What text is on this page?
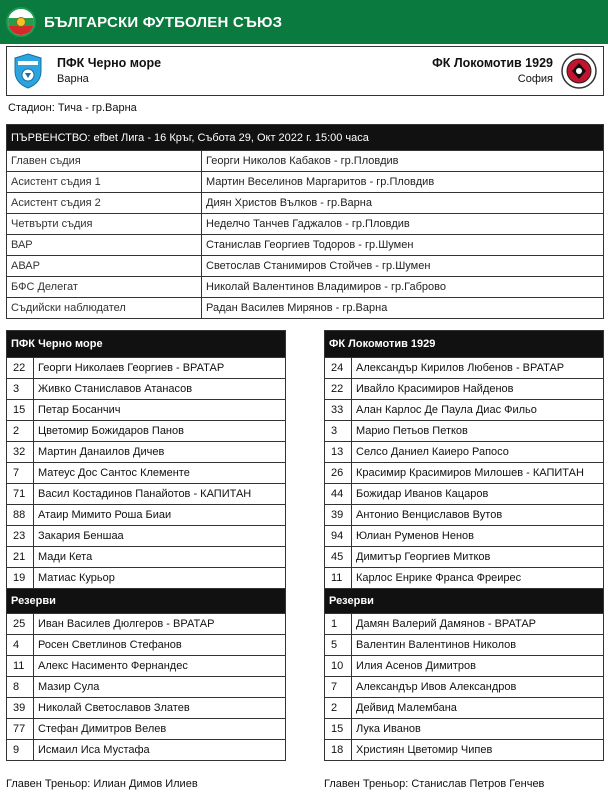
БЪЛГАРСКИ ФУТБОЛЕН СЪЮЗ
ПФК Черно море
Варна
ФК Локомотив 1929
София
Стадион: Тича - гр.Варна
ПЪРВЕНСТВО: efbet Лига - 16 Кръг, Събота 29, Окт 2022 г. 15:00 часа	
Главен съдия	Георги Николов Кабаков - гр.Пловдив
Асистент съдия 1	Мартин Веселинов Маргаритов - гр.Пловдив
Асистент съдия 2	Диян Христов Вълков - гр.Варна
Четвърти съдия	Неделчо Танчев Гаджалов - гр.Пловдив
ВАР	Станислав Георгиев Тодоров - гр.Шумен
АВАР	Светослав Станимиров Стойчев - гр.Шумен
БФС Делегат	Николай Валентинов Владимиров - гр.Габрово
Съдийски наблюдател	Радан Василев Мирянов - гр.Варна
ПФК Черно море	
22	Георги Николаев Георгиев - ВРАТАР
3	Живко Станиславов Атанасов
15	Петар Босанчич
2	Цветомир Божидаров Панов
32	Мартин Данаилов Дичев
7	Матеус Дос Сантос Клементе
71	Васил Костадинов Панайотов - КАПИТАН
88	Атаир Мимито Роша Биаи
23	Закария Беншаа
21	Мади Кета
19	Матиас Курьор
Резерви	
25	Иван Василев Дюлгеров - ВРАТАР
4	Росен Светлинов Стефанов
11	Алекс Насименто Фернандес
8	Мазир Сула
39	Николай Светославов Златев
77	Стефан Димитров Велев
9	Исмаил Иса Мустафа
ФК Локомотив 1929	
24	Александър Кирилов Любенов - ВРАТАР
22	Ивайло Красимиров Найденов
33	Алан Карлос Де Паула Диас Фильо
3	Марио Петьов Петков
13	Селсо Даниел Каиеро Рапосо
26	Красимир Красимиров Милошев - КАПИТАН
44	Божидар Иванов Кацаров
39	Антонио Венциславов Вутов
94	Юлиан Руменов Ненов
45	Димитър Георгиев Митков
11	Карлос Енрике Франса Фреирес
Резерви	
1	Дамян Валерий Дамянов - ВРАТАР
5	Валентин Валентинов Николов
10	Илия Асенов Димитров
7	Александър Ивов Александров
2	Дейвид Малембана
15	Лука Иванов
18	Християн Цветомир Чипев
Главен Треньор: Илиан Димов Илиев	Главен Треньор: Станислав Петров Генчев
